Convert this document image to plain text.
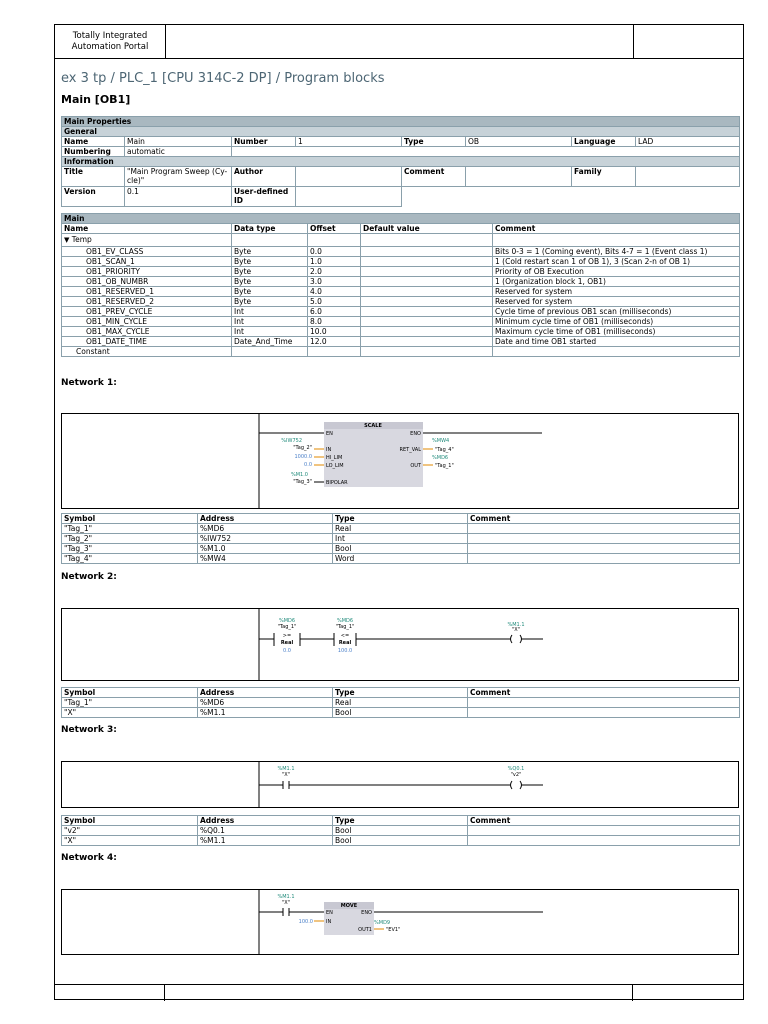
Totally Integrated Automation Portal
ex 3 tp / PLC_1 [CPU 314C-2 DP] / Program blocks
Main [OB1]
Main Properties							
General							
Name	Main	Number	1	Type	OB	Language	LAD
Numbering	automatic						
Information							
Title	"Main Program Sweep (Cy-cle)"	Author		Comment		Family	
Version	0.1	User-defined ID					
Main				
Name	Data type	Offset	Default value	Comment
▼ Temp				
OB1_EV_CLASS	Byte	0.0		Bits 0-3 = 1 (Coming event), Bits 4-7 = 1 (Event class 1)
OB1_SCAN_1	Byte	1.0		1 (Cold restart scan 1 of OB 1), 3 (Scan 2-n of OB 1)
OB1_PRIORITY	Byte	2.0		Priority of OB Execution
OB1_OB_NUMBR	Byte	3.0		1 (Organization block 1, OB1)
OB1_RESERVED_1	Byte	4.0		Reserved for system
OB1_RESERVED_2	Byte	5.0		Reserved for system
OB1_PREV_CYCLE	Int	6.0		Cycle time of previous OB1 scan (milliseconds)
OB1_MIN_CYCLE	Int	8.0		Minimum cycle time of OB1 (milliseconds)
OB1_MAX_CYCLE	Int	10.0		Maximum cycle time of OB1 (milliseconds)
OB1_DATE_TIME	Date_And_Time	12.0		Date and time OB1 started
Constant				
Network 1:
SCALE
EN	ENO
%IW752
"Tag_2"	IN
1000.0	HI_LIM
0.0	LO_LIM
%M1.0
"Tag_3"	BIPOLAR
%MW4
RET_VAL	"Tag_4"
%MD6
OUT	"Tag_1"
Symbol	Address	Type	Comment
"Tag_1"	%MD6	Real	
"Tag_2"	%IW752	Int	
"Tag_3"	%M1.0	Bool	
"Tag_4"	%MW4	Word	
Network 2:
%MD6
"Tag_1"
>=
Real
0.0
%MD6
"Tag_1"
<=
Real
100.0
%M1.1
"X"
Symbol	Address	Type	Comment
"Tag_1"	%MD6	Real	
"X"	%M1.1	Bool	
Network 3:
%M1.1
"X"
%Q0.1
"v2"
Symbol	Address	Type	Comment
"v2"	%Q0.1	Bool	
"X"	%M1.1	Bool	
Network 4:
%M1.1
"X"	MOVE
EN	ENO
100.0	IN
OUT1
%MD9
"EV1"
